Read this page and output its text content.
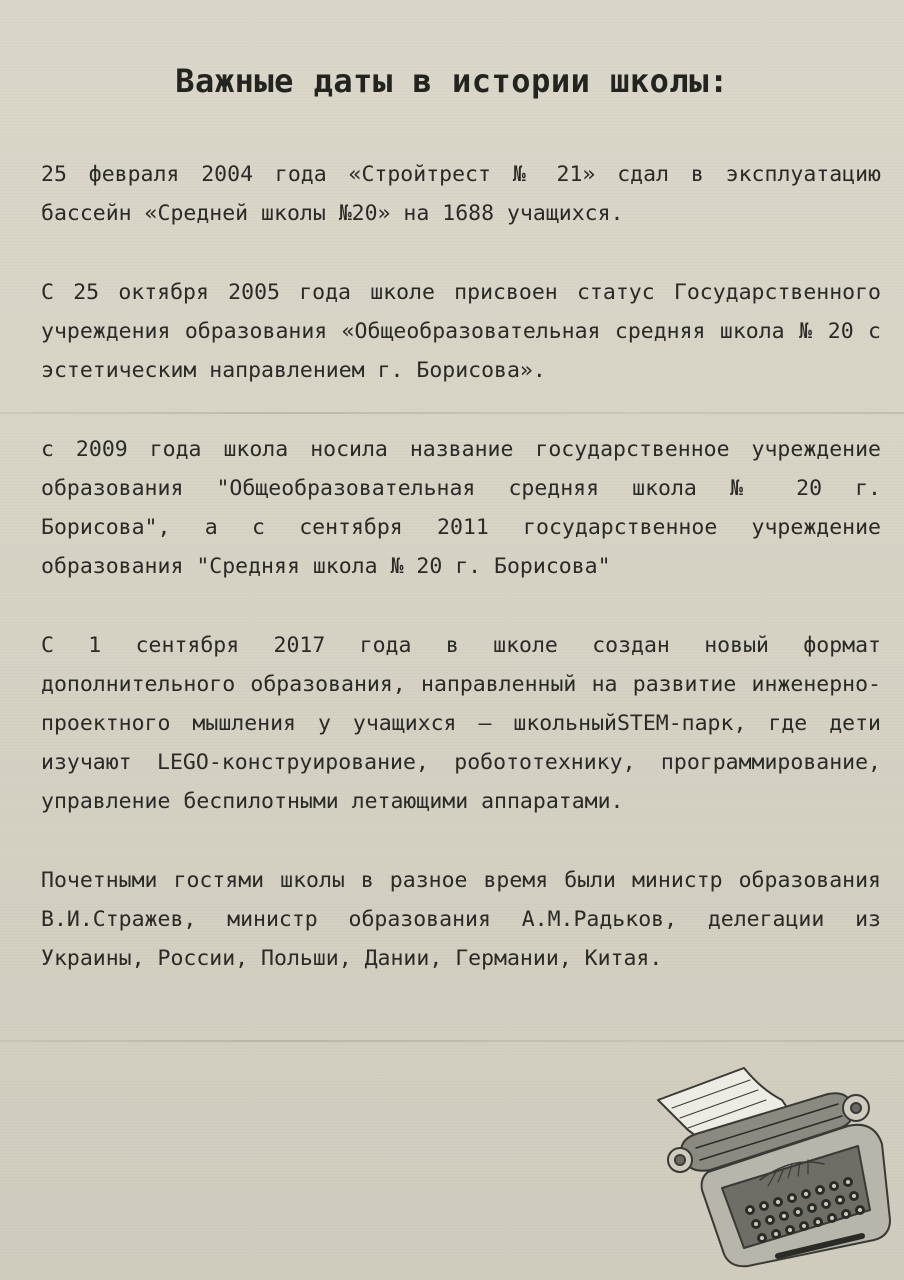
Важные даты в истории школы:

25 февраля 2004 года «Стройтрест № 21» сдал в эксплуатацию бассейн «Средней школы №20» на 1688 учащихся.

С 25 октября 2005 года школе присвоен статус Государственного учреждения образования «Общеобразовательная средняя школа № 20 с эстетическим направлением г. Борисова».

с 2009 года школа носила название государственное учреждение образования "Общеобразовательная средняя школа № 20 г. Борисова", а с сентября 2011 государственное учреждение образования "Средняя школа № 20 г. Борисова"

С 1 сентября 2017 года в школе создан новый формат дополнительного образования, направленный на развитие инженерно-проектного мышления у учащихся – школьныйSTEM-парк, где дети изучают LEGO-конструирование, робототехнику, программирование, управление беспилотными летающими аппаратами.

Почетными гостями школы в разное время были министр образования В.И.Стражев, министр образования А.М.Радьков, делегации из Украины, России, Польши, Дании, Германии, Китая.
